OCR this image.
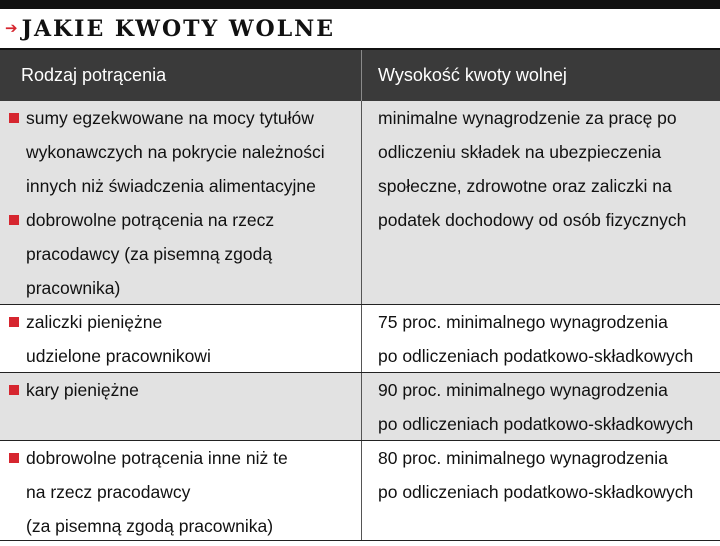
➔ JAKIE KWOTY WOLNE
Rodzaj potrącenia	Wysokość kwoty wolnej
sumy egzekwowane na mocy tytułów
wykonawczych na pokrycie należności
innych niż świadczenia alimentacyjne
dobrowolne potrącenia na rzecz
pracodawcy (za pisemną zgodą
pracownika)
minimalne wynagrodzenie za pracę po
odliczeniu składek na ubezpieczenia
społeczne, zdrowotne oraz zaliczki na
podatek dochodowy od osób fizycznych
zaliczki pieniężne
udzielone pracownikowi
75 proc. minimalnego wynagrodzenia
po odliczeniach podatkowo-składkowych
kary pieniężne	90 proc. minimalnego wynagrodzenia
po odliczeniach podatkowo-składkowych
dobrowolne potrącenia inne niż te
na rzecz pracodawcy
(za pisemną zgodą pracownika)
80 proc. minimalnego wynagrodzenia
po odliczeniach podatkowo-składkowych
